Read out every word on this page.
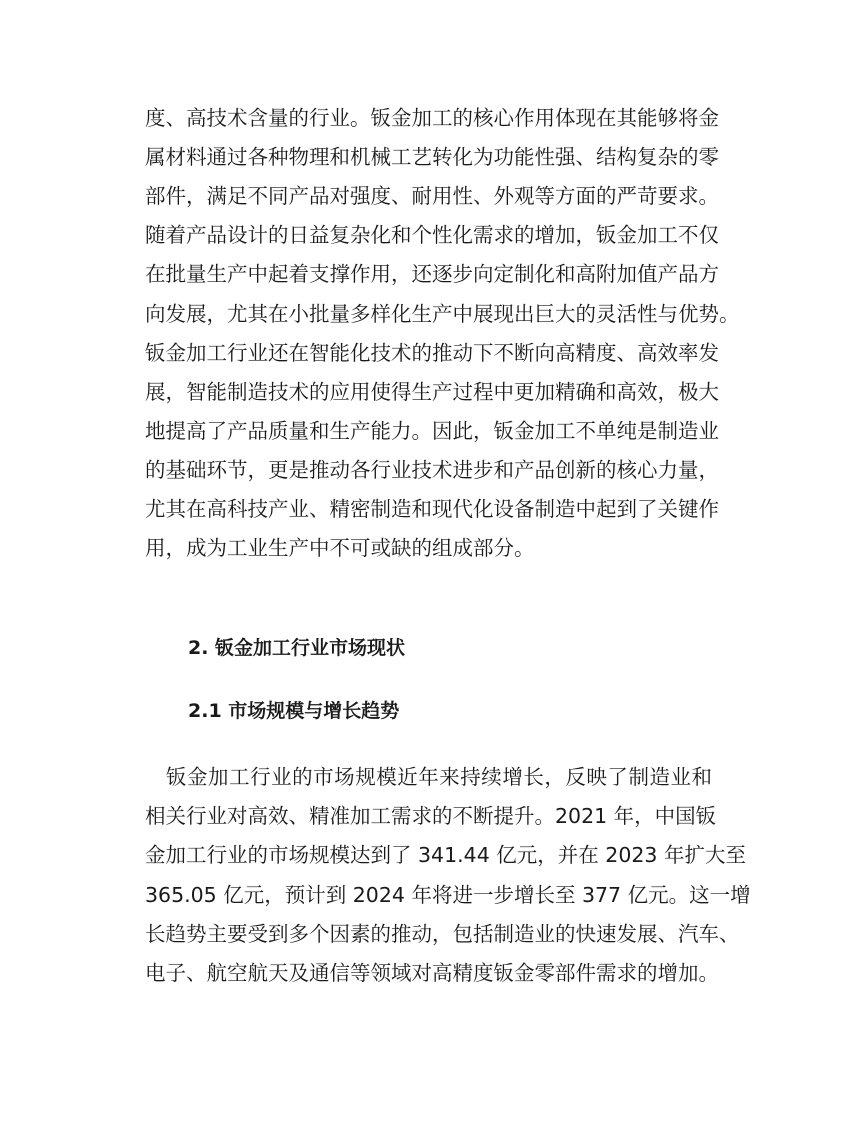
度、高技术含量的行业。钣金加工的核心作用体现在其能够将金
属材料通过各种物理和机械工艺转化为功能性强、结构复杂的零
部件，满足不同产品对强度、耐用性、外观等方面的严苛要求。
随着产品设计的日益复杂化和个性化需求的增加，钣金加工不仅
在批量生产中起着支撑作用，还逐步向定制化和高附加值产品方
向发展，尤其在小批量多样化生产中展现出巨大的灵活性与优势。
钣金加工行业还在智能化技术的推动下不断向高精度、高效率发
展，智能制造技术的应用使得生产过程中更加精确和高效，极大
地提高了产品质量和生产能力。因此，钣金加工不单纯是制造业
的基础环节，更是推动各行业技术进步和产品创新的核心力量，
尤其在高科技产业、精密制造和现代化设备制造中起到了关键作
用，成为工业生产中不可或缺的组成部分。
2. 钣金加工行业市场现状
2.1 市场规模与增长趋势
　钣金加工行业的市场规模近年来持续增长，反映了制造业和
相关行业对高效、精准加工需求的不断提升。2021 年，中国钣
金加工行业的市场规模达到了 341.44 亿元，并在 2023 年扩大至
365.05 亿元，预计到 2024 年将进一步增长至 377 亿元。这一增
长趋势主要受到多个因素的推动，包括制造业的快速发展、汽车、
电子、航空航天及通信等领域对高精度钣金零部件需求的增加。
